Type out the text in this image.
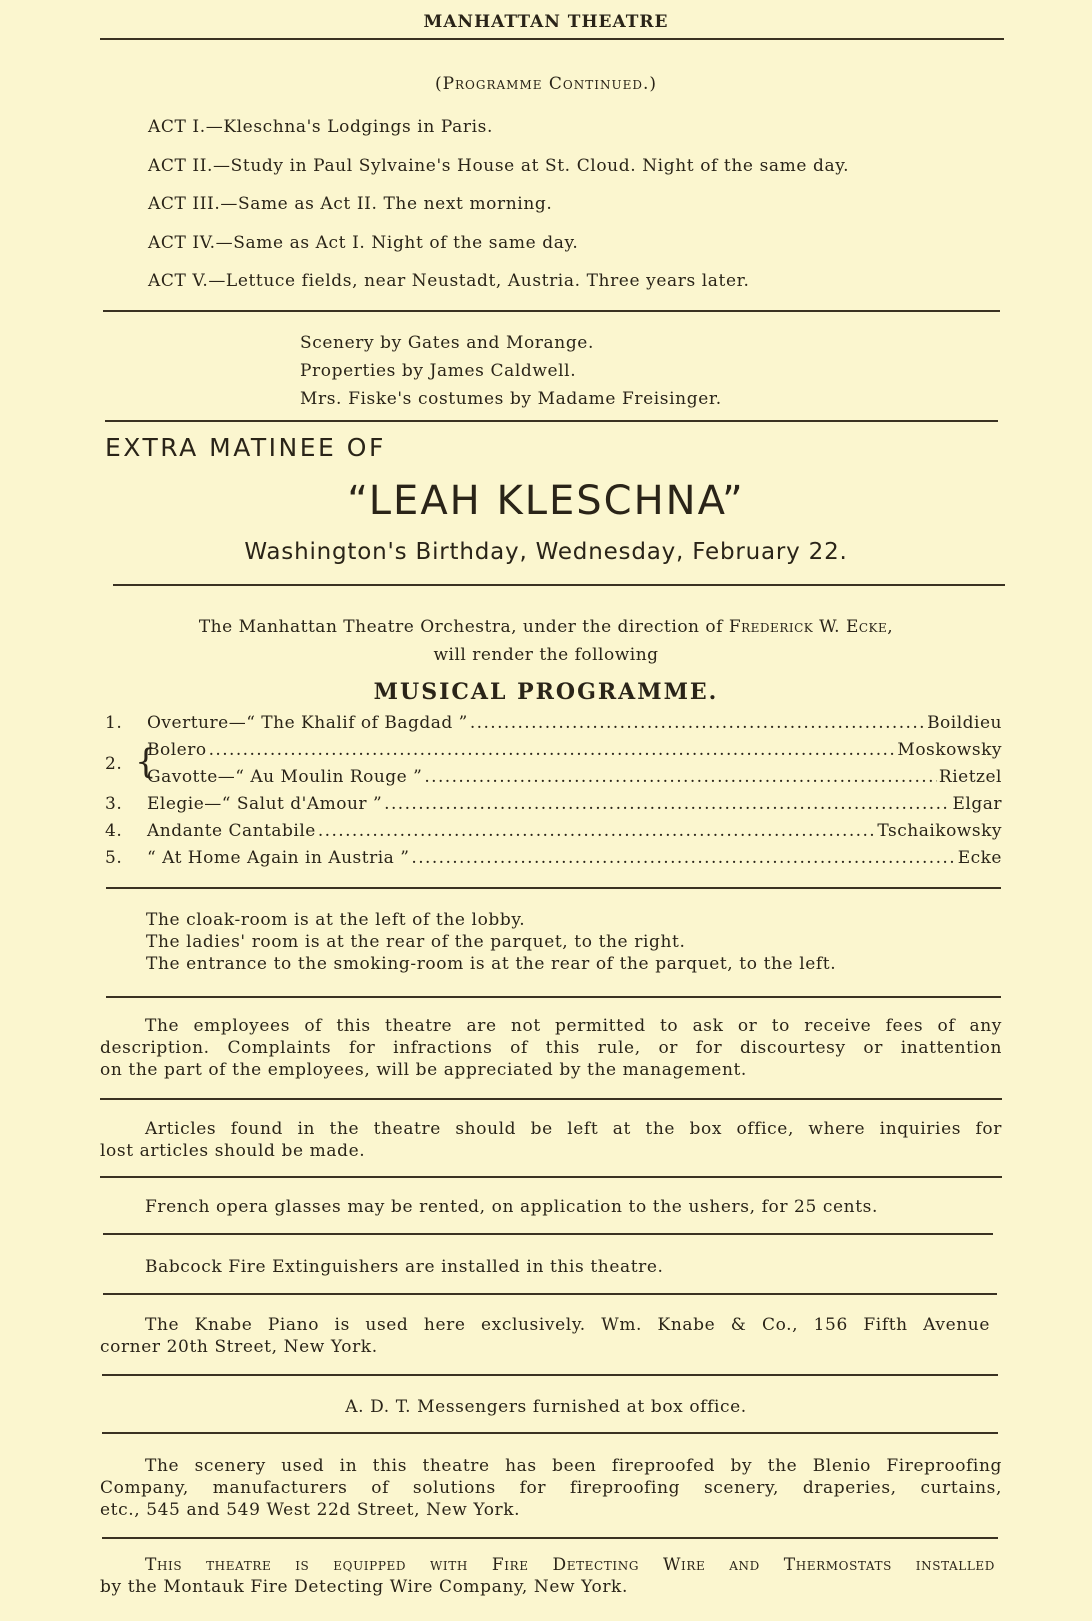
MANHATTAN THEATRE
(Programme Continued.)
ACT I.—Kleschna's Lodgings in Paris.
ACT II.—Study in Paul Sylvaine's House at St. Cloud. Night of the same day.
ACT III.—Same as Act II. The next morning.
ACT IV.—Same as Act I. Night of the same day.
ACT V.—Lettuce fields, near Neustadt, Austria. Three years later.
Scenery by Gates and Morange.
Properties by James Caldwell.
Mrs. Fiske's costumes by Madame Freisinger.
EXTRA MATINEE OF
“LEAH KLESCHNA”
Washington's Birthday, Wednesday, February 22.
The Manhattan Theatre Orchestra, under the direction of Frederick W. Ecke,
will render the following
MUSICAL PROGRAMME.
1. Overture—“ The Khalif of Bagdad ” . . .	Boildieu
2.
Bolero . . .	Moskowsky
Gavotte—“ Au Moulin Rouge ” . . .	Rietzel
{
3. Elegie—“ Salut d'Amour ” . . .	Elgar
4. Andante Cantabile . . .	Tschaikowsky
5. “ At Home Again in Austria ” . . .	Ecke
The cloak-room is at the left of the lobby.
The ladies' room is at the rear of the parquet, to the right.
The entrance to the smoking-room is at the rear of the parquet, to the left.
The employees of this theatre are not permitted to ask or to receive fees of any
description. Complaints for infractions of this rule, or for discourtesy or inattention
on the part of the employees, will be appreciated by the management.
Articles found in the theatre should be left at the box office, where inquiries for
lost articles should be made.
French opera glasses may be rented, on application to the ushers, for 25 cents.
Babcock Fire Extinguishers are installed in this theatre.
The Knabe Piano is used here exclusively. Wm. Knabe & Co., 156 Fifth Avenue
corner 20th Street, New York.
A. D. T. Messengers furnished at box office.
The scenery used in this theatre has been fireproofed by the Blenio Fireproofing
Company, manufacturers of solutions for fireproofing scenery, draperies, curtains,
etc., 545 and 549 West 22d Street, New York.
This theatre is equipped with Fire Detecting Wire and Thermostats installed
by the Montauk Fire Detecting Wire Company, New York.
